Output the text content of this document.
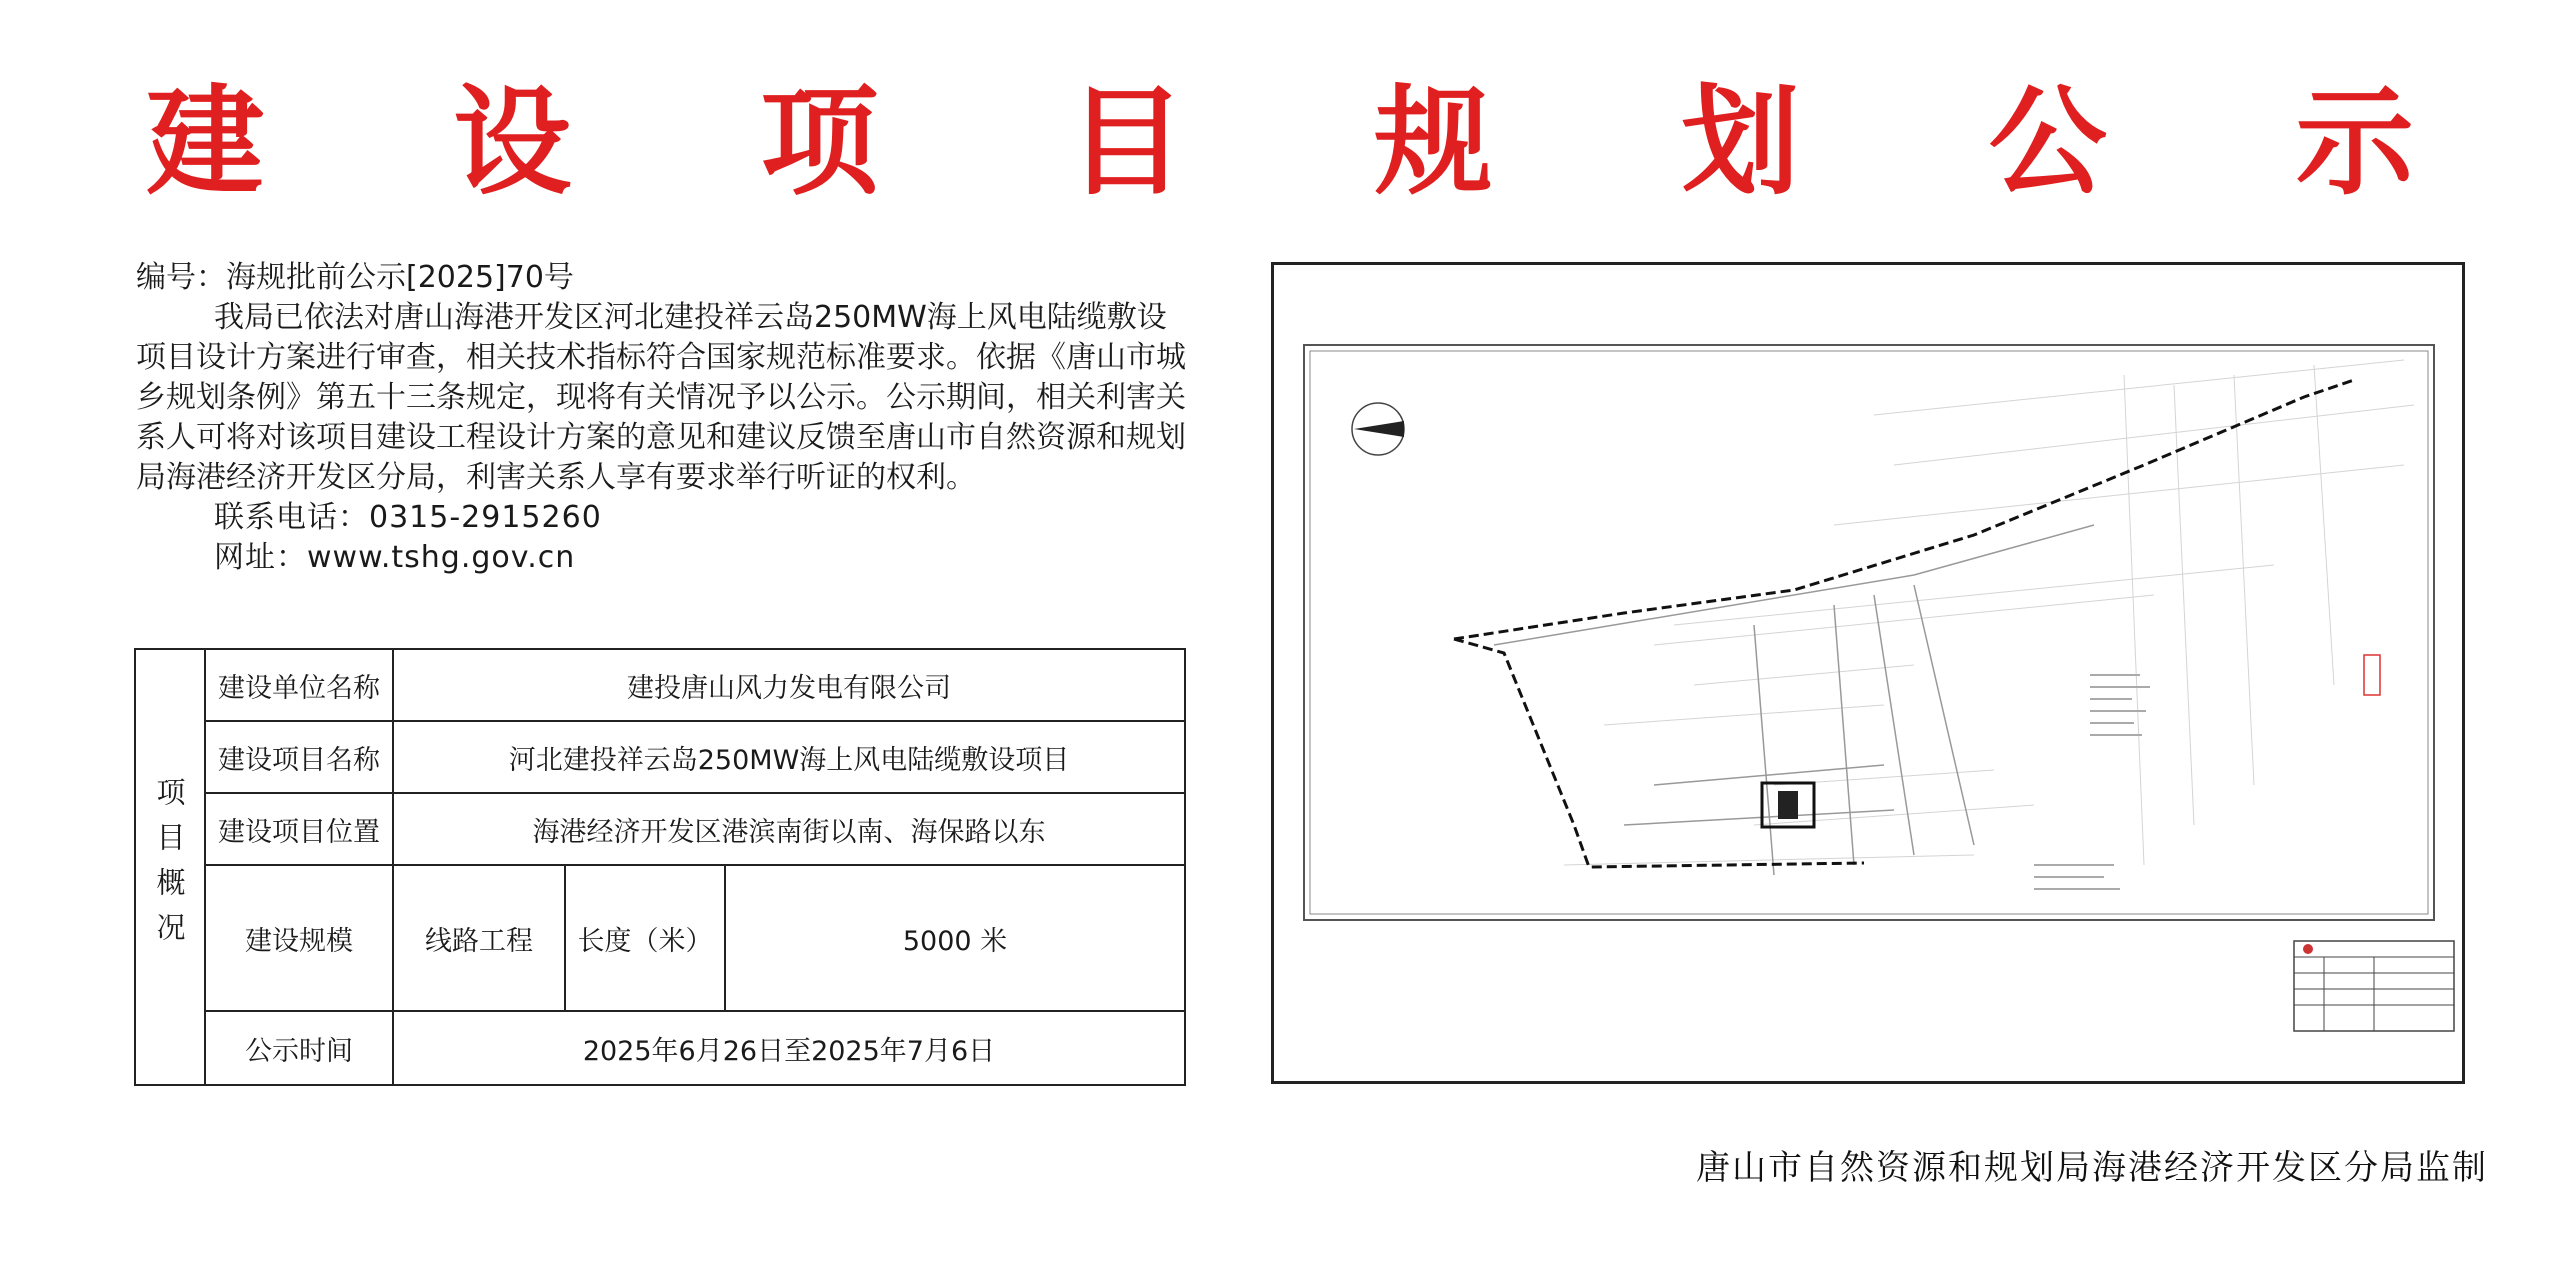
建 设 项 目 规 划 公 示

编号：海规批前公示[2025]70号

我局已依法对唐山海港开发区河北建投祥云岛250MW海上风电陆缆敷设项目设计方案进行审查，相关技术指标符合国家规范标准要求。依据《唐山市城乡规划条例》第五十三条规定，现将有关情况予以公示。公示期间，相关利害关系人可将对该项目建设工程设计方案的意见和建议反馈至唐山市自然资源和规划局海港经济开发区分局，利害关系人享有要求举行听证的权利。

联系电话：0315-2915260

网址：www.tshg.gov.cn

项目概况	建设单位名称	建投唐山风力发电有限公司		
	建设项目名称	河北建投祥云岛250MW海上风电陆缆敷设项目		
	建设项目位置	海港经济开发区港滨南街以南、海保路以东		
	建设规模	线路工程	长度（米）	5000 米
	公示时间	2025年6月26日至2025年7月6日		
唐山市自然资源和规划局海港经济开发区分局监制
